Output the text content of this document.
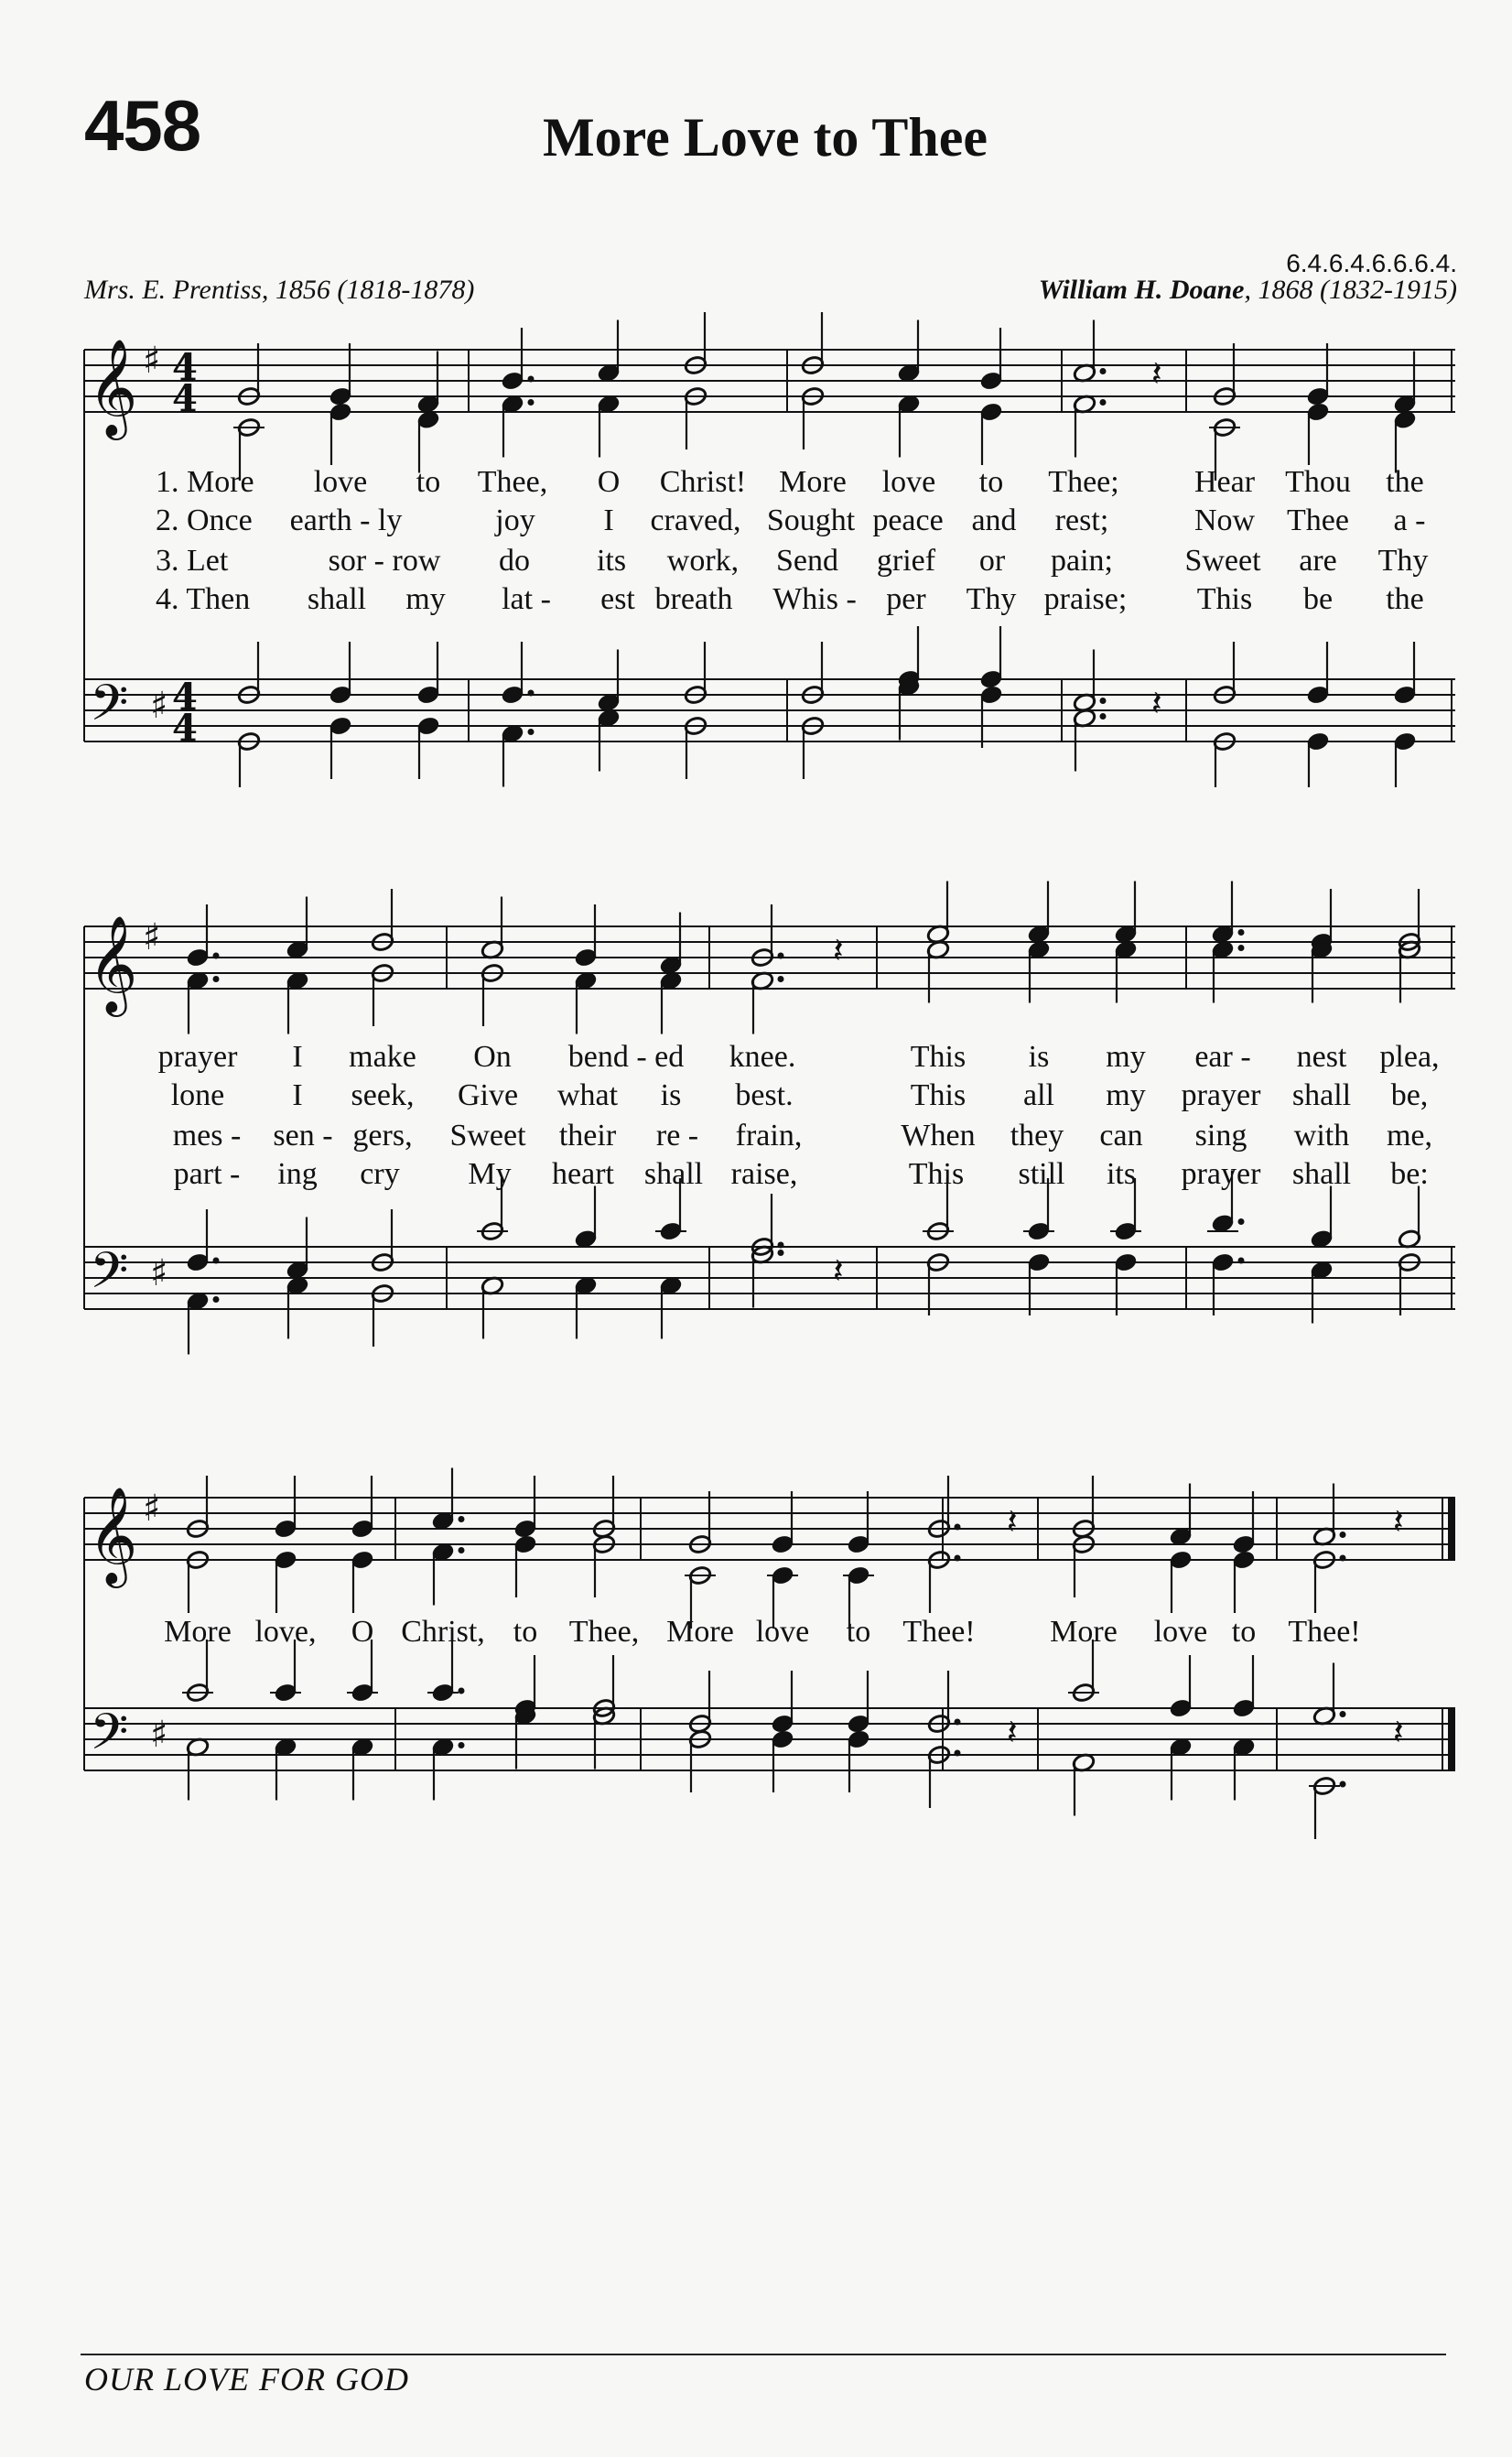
458	More Love to Thee
6.4.6.4.6.6.6.4.
Mrs. E. Prentiss, 1856 (1818-1878)	William H. Doane, 1868 (1832-1915)
𝄞
𝄢
♯
♯
4
4
4
4
𝄽
𝄽
1. More love to Thee, O Christ! More love to Thee; Hear Thou the
2. Once earth - ly	joy I craved, Sought peace and rest;	Now Thee a -
3. Let	sor - row do its work, Send grief or pain; Sweet are Thy
4. Then shall my lat - est breath Whis - per Thy praise; This be the
𝄞
𝄢
♯
♯
𝄽
𝄽
prayer I make On bend - ed knee.	This is my ear - nest plea,
lone I seek, Give what is best.	This all my prayer shall be,
mes - sen - gers, Sweet their re - frain,	When they can sing with me,
part - ing cry My heart shall raise,	This still its prayer shall be:
𝄞
𝄢
♯
♯
𝄽
𝄽
𝄽
𝄽
More love, O Christ, to Thee, More love to Thee! More love to Thee!
OUR LOVE FOR GOD
